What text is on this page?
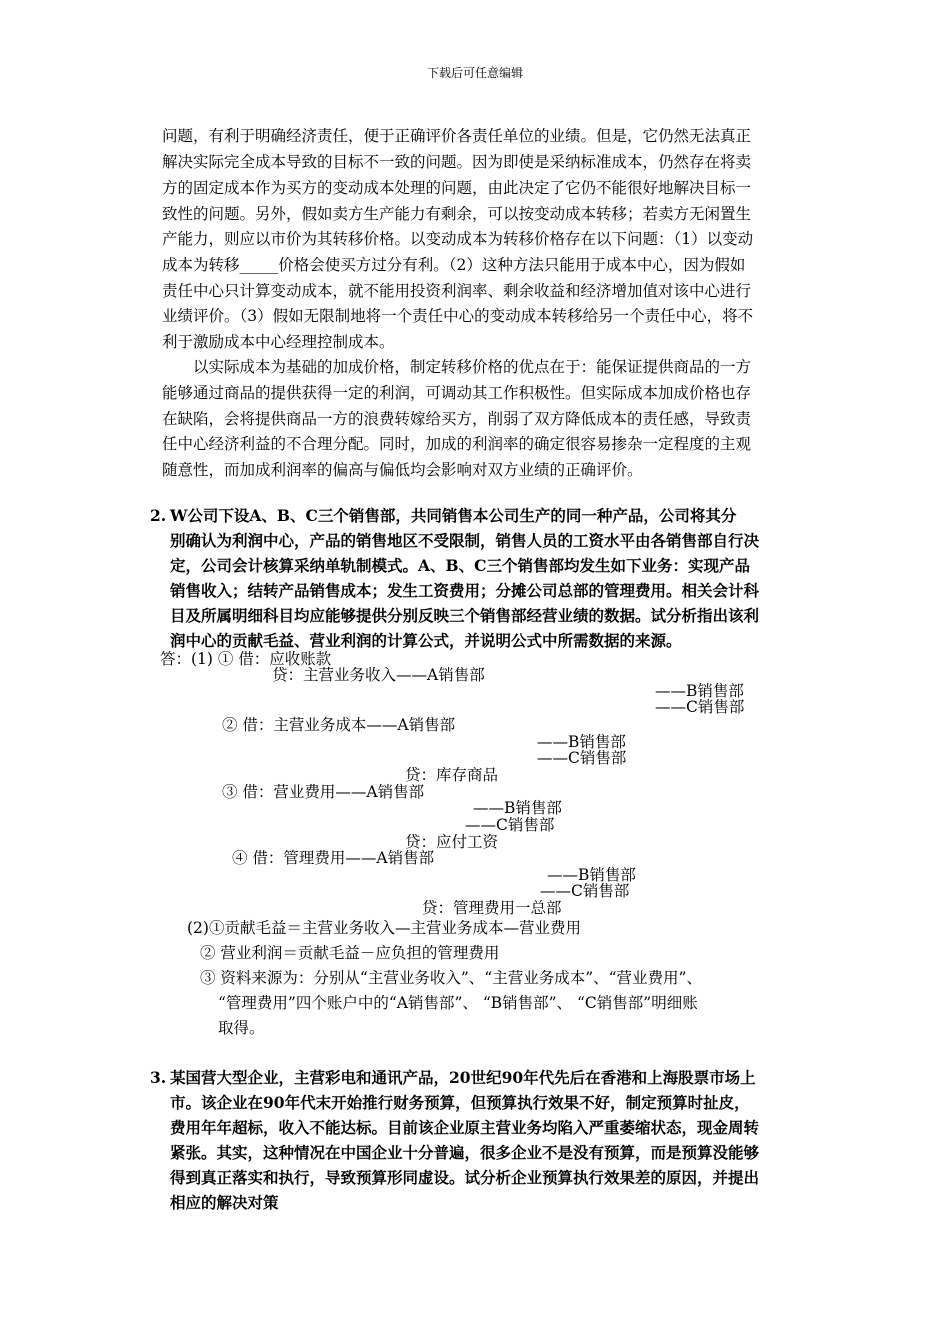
下载后可任意编辑
问题，有利于明确经济责任，便于正确评价各责任单位的业绩。但是，它仍然无法真正
解决实际完全成本导致的目标不一致的问题。因为即使是采纳标准成本，仍然存在将卖
方的固定成本作为买方的变动成本处理的问题，由此决定了它仍不能很好地解决目标一
致性的问题。另外，假如卖方生产能力有剩余，可以按变动成本转移；若卖方无闲置生
产能力，则应以市价为其转移价格。以变动成本为转移价格存在以下问题：（1）以变动
成本为转移_____价格会使买方过分有利。（2）这种方法只能用于成本中心，因为假如
责任中心只计算变动成本，就不能用投资利润率、剩余收益和经济增加值对该中心进行
业绩评价。（3）假如无限制地将一个责任中心的变动成本转移给另一个责任中心，将不
利于激励成本中心经理控制成本。
以实际成本为基础的加成价格，制定转移价格的优点在于：能保证提供商品的一方
能够通过商品的提供获得一定的利润，可调动其工作积极性。但实际成本加成价格也存
在缺陷，会将提供商品一方的浪费转嫁给买方，削弱了双方降低成本的责任感，导致责
任中心经济利益的不合理分配。同时，加成的利润率的确定很容易掺杂一定程度的主观
随意性，而加成利润率的偏高与偏低均会影响对双方业绩的正确评价。
2. W公司下设A、B、C三个销售部，共同销售本公司生产的同一种产品，公司将其分
别确认为利润中心，产品的销售地区不受限制，销售人员的工资水平由各销售部自行决
定，公司会计核算采纳单轨制模式。A、B、C三个销售部均发生如下业务：实现产品
销售收入；结转产品销售成本；发生工资费用；分摊公司总部的管理费用。相关会计科
目及所属明细科目均应能够提供分别反映三个销售部经营业绩的数据。试分析指出该利
润中心的贡献毛益、营业利润的计算公式，并说明公式中所需数据的来源。
答：(1) ① 借：应收账款
贷：主营业务收入——A销售部
——B销售部
——C销售部
② 借：主营业务成本——A销售部
——B销售部
——C销售部
贷：库存商品
③ 借：营业费用——A销售部
——B销售部
——C销售部
贷：应付工资
④ 借：管理费用——A销售部
——B销售部
——C销售部
贷：管理费用一总部
(2)①贡献毛益＝主营业务收入—主营业务成本—营业费用
② 营业利润＝贡献毛益－应负担的管理费用
③ 资料来源为：分别从“主营业务收入”、“主营业务成本”、“营业费用”、
“管理费用”四个账户中的“A销售部”、 “B销售部”、 “C销售部”明细账
取得。
3. 某国营大型企业，主营彩电和通讯产品，20世纪90年代先后在香港和上海股票市场上
市。该企业在90年代末开始推行财务预算，但预算执行效果不好，制定预算时扯皮，
费用年年超标，收入不能达标。目前该企业原主营业务均陷入严重萎缩状态，现金周转
紧张。其实，这种情况在中国企业十分普遍，很多企业不是没有预算，而是预算没能够
得到真正落实和执行，导致预算形同虚设。试分析企业预算执行效果差的原因，并提出
相应的解决对策
